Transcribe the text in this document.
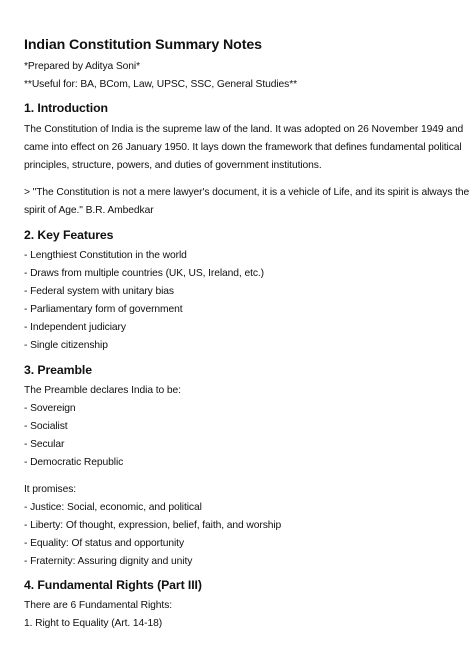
Indian Constitution Summary Notes
*Prepared by Aditya Soni*
**Useful for: BA, BCom, Law, UPSC, SSC, General Studies**
1. Introduction
The Constitution of India is the supreme law of the land. It was adopted on 26 November 1949 and
came into effect on 26 January 1950. It lays down the framework that defines fundamental political
principles, structure, powers, and duties of government institutions.
> "The Constitution is not a mere lawyer's document, it is a vehicle of Life, and its spirit is always the
spirit of Age." B.R. Ambedkar
2. Key Features
- Lengthiest Constitution in the world
- Draws from multiple countries (UK, US, Ireland, etc.)
- Federal system with unitary bias
- Parliamentary form of government
- Independent judiciary
- Single citizenship
3. Preamble
The Preamble declares India to be:
- Sovereign
- Socialist
- Secular
- Democratic Republic
It promises:
- Justice: Social, economic, and political
- Liberty: Of thought, expression, belief, faith, and worship
- Equality: Of status and opportunity
- Fraternity: Assuring dignity and unity
4. Fundamental Rights (Part III)
There are 6 Fundamental Rights:
1. Right to Equality (Art. 14-18)
